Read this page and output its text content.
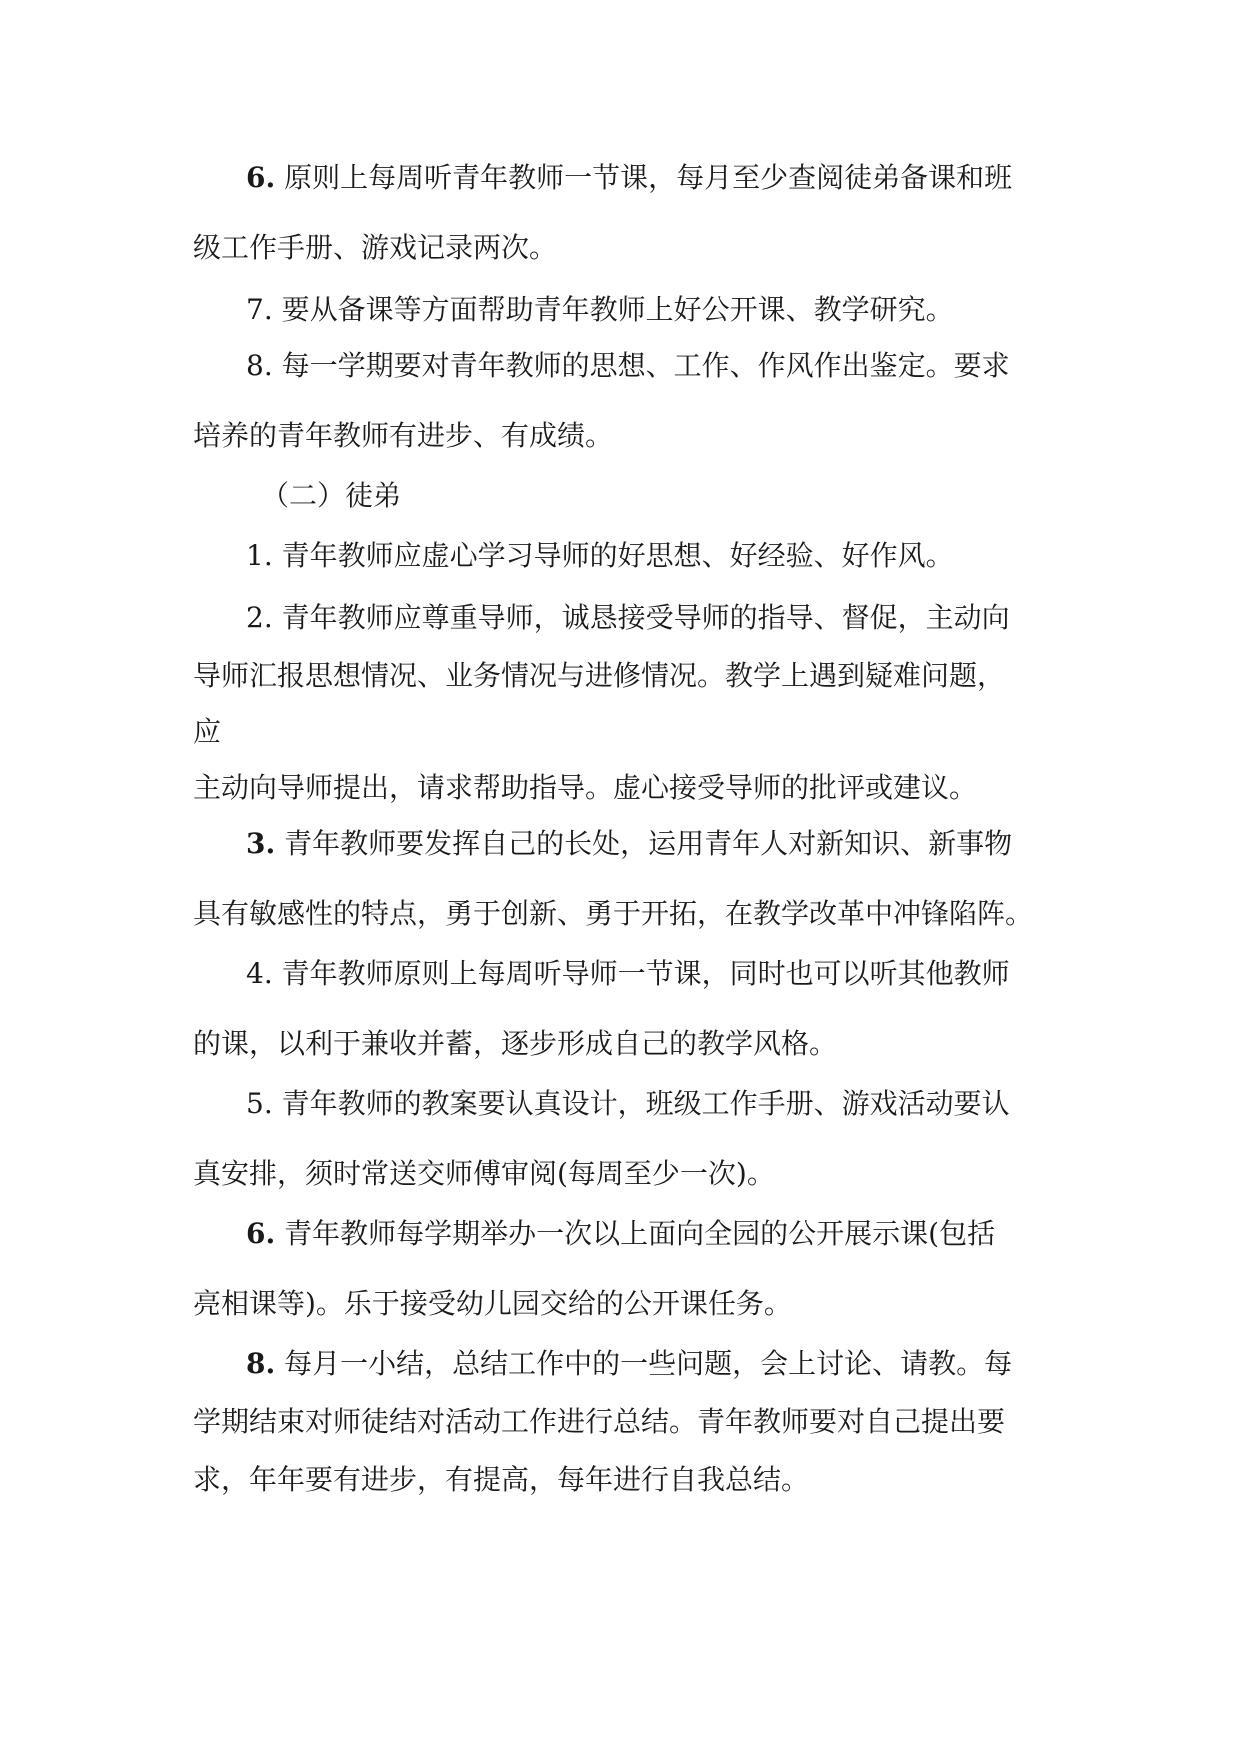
6. 原则上每周听青年教师一节课，每月至少查阅徒弟备课和班
级工作手册、游戏记录两次。
7. 要从备课等方面帮助青年教师上好公开课、教学研究。
8. 每一学期要对青年教师的思想、工作、作风作出鉴定。要求
培养的青年教师有进步、有成绩。
（二）徒弟
1. 青年教师应虚心学习导师的好思想、好经验、好作风。
2. 青年教师应尊重导师，诚恳接受导师的指导、督促，主动向
导师汇报思想情况、业务情况与进修情况。教学上遇到疑难问题，
应
主动向导师提出，请求帮助指导。虚心接受导师的批评或建议。
3. 青年教师要发挥自己的长处，运用青年人对新知识、新事物
具有敏感性的特点，勇于创新、勇于开拓，在教学改革中冲锋陷阵。
4. 青年教师原则上每周听导师一节课，同时也可以听其他教师
的课，以利于兼收并蓄，逐步形成自己的教学风格。
5. 青年教师的教案要认真设计，班级工作手册、游戏活动要认
真安排，须时常送交师傅审阅(每周至少一次)。
6. 青年教师每学期举办一次以上面向全园的公开展示课(包括
亮相课等)。乐于接受幼儿园交给的公开课任务。
8. 每月一小结，总结工作中的一些问题，会上讨论、请教。每
学期结束对师徒结对活动工作进行总结。青年教师要对自己提出要
求，年年要有进步，有提高，每年进行自我总结。
